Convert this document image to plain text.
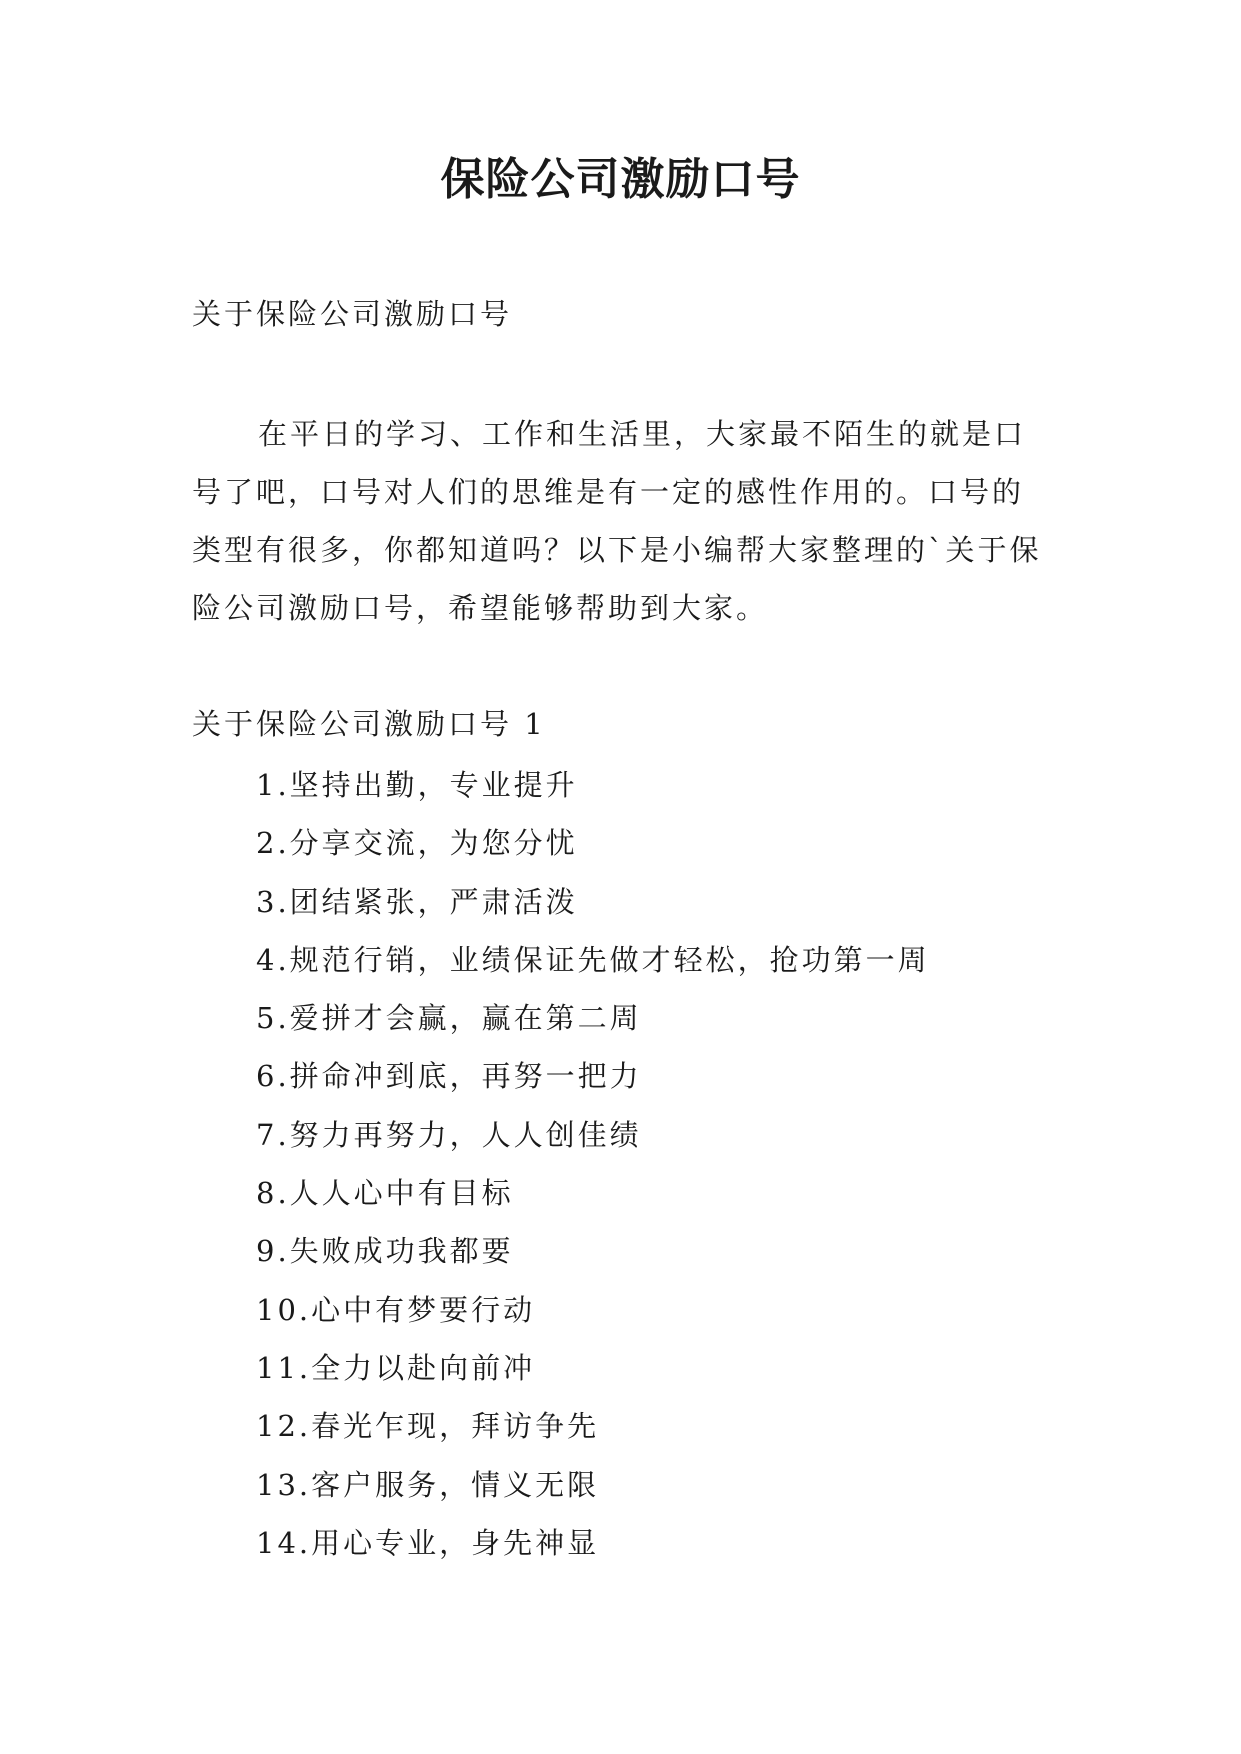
保险公司激励口号
关于保险公司激励口号

在平日的学习、工作和生活里，大家最不陌生的就是口号了吧，口号对人们的思维是有一定的感性作用的。口号的类型有很多，你都知道吗？以下是小编帮大家整理的`关于保险公司激励口号，希望能够帮助到大家。

关于保险公司激励口号 1
1.坚持出勤，专业提升
2.分享交流，为您分忧
3.团结紧张，严肃活泼
4.规范行销，业绩保证先做才轻松，抢功第一周
5.爱拼才会赢，赢在第二周
6.拼命冲到底，再努一把力
7.努力再努力，人人创佳绩
8.人人心中有目标
9.失败成功我都要
10.心中有梦要行动
11.全力以赴向前冲
12.春光乍现，拜访争先
13.客户服务，情义无限
14.用心专业，身先神显
